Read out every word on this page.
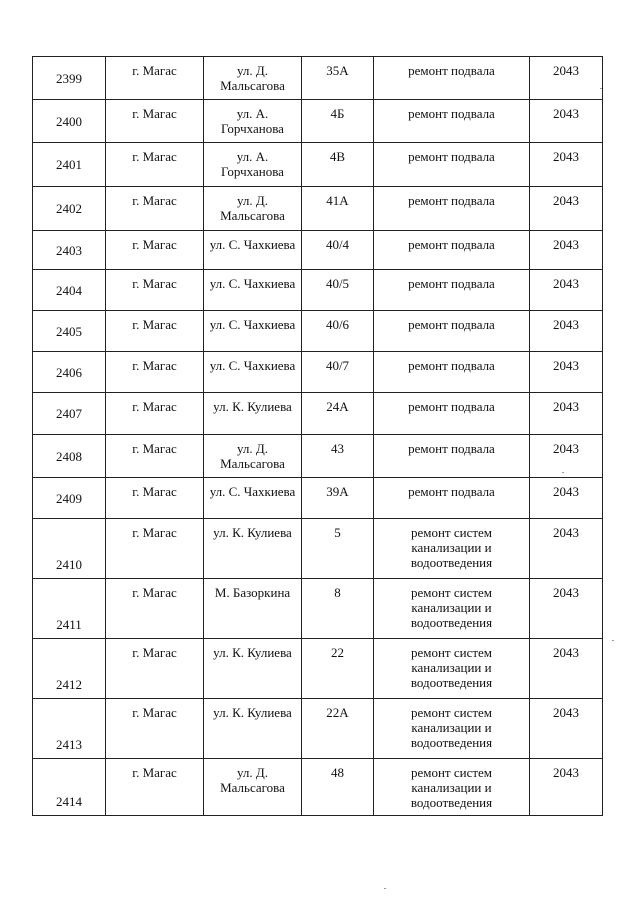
2399	г. Магас	ул. Д. Мальсагова	35А	ремонт подвала	2043

2400	г. Магас	ул. А. Горчханова	4Б	ремонт подвала	2043

2401	г. Магас	ул. А. Горчханова	4В	ремонт подвала	2043

2402	г. Магас	ул. Д. Мальсагова	41А	ремонт подвала	2043

2403	г. Магас	ул. С. Чахкиева	40/4	ремонт подвала	2043

2404	г. Магас	ул. С. Чахкиева	40/5	ремонт подвала	2043

2405	г. Магас	ул. С. Чахкиева	40/6	ремонт подвала	2043

2406	г. Магас	ул. С. Чахкиева	40/7	ремонт подвала	2043

2407	г. Магас	ул. К. Кулиева	24А	ремонт подвала	2043

2408	г. Магас	ул. Д. Мальсагова	43	ремонт подвала	2043

2409	г. Магас	ул. С. Чахкиева	39А	ремонт подвала	2043

2410	г. Магас	ул. К. Кулиева	5	ремонт систем канализации и водоотведения	2043

2411	г. Магас	М. Базоркина	8	ремонт систем канализации и водоотведения	2043

2412	г. Магас	ул. К. Кулиева	22	ремонт систем канализации и водоотведения	2043

2413	г. Магас	ул. К. Кулиева	22А	ремонт систем канализации и водоотведения	2043

2414	г. Магас	ул. Д. Мальсагова	48	ремонт систем канализации и водоотведения	2043
